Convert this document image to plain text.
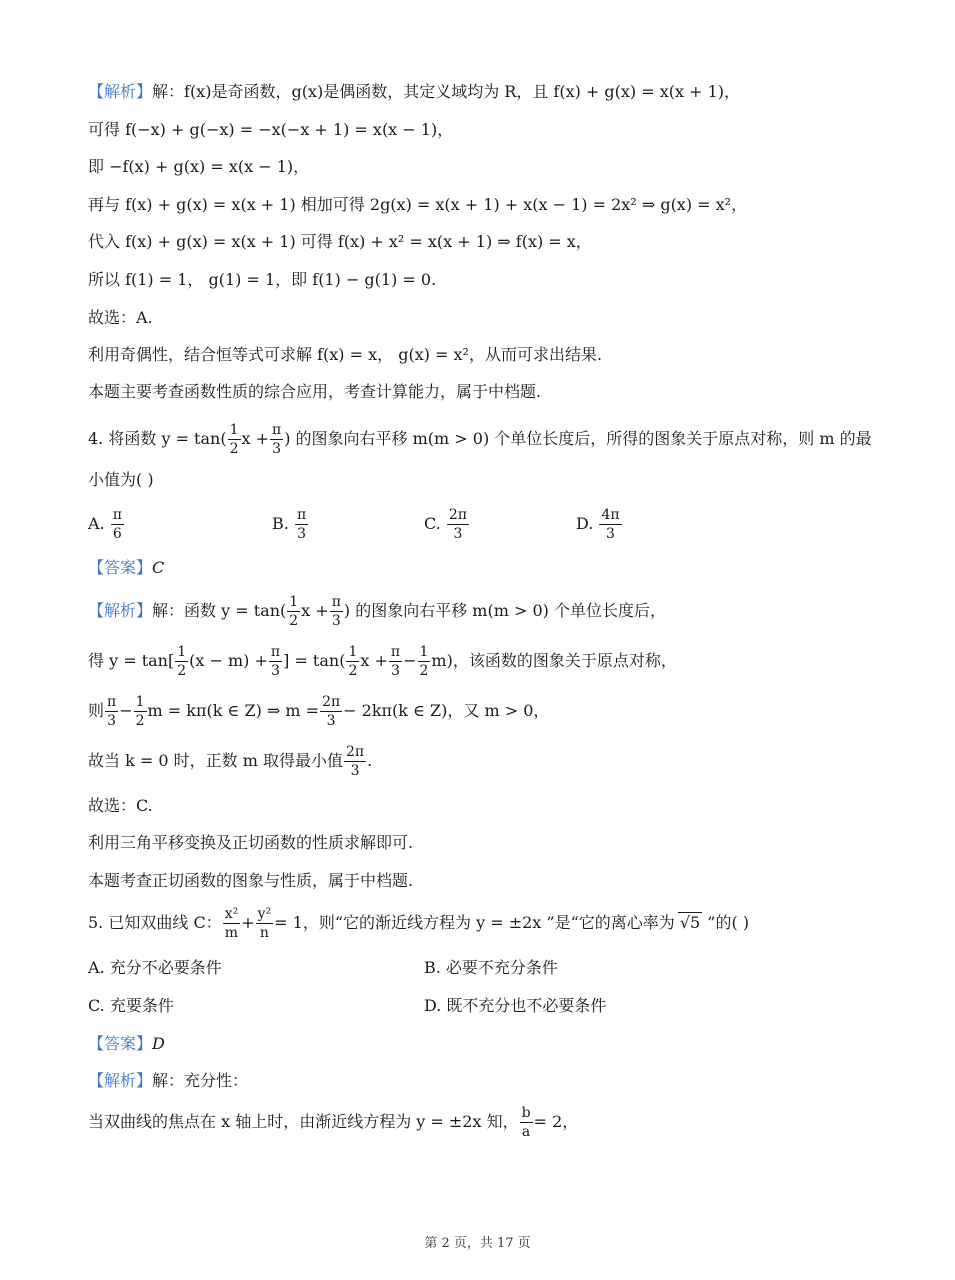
【解析】解：f(x)是奇函数，g(x)是偶函数，其定义域均为 R，且 f(x) + g(x) = x(x + 1)，
可得 f(−x) + g(−x) = −x(−x + 1) = x(x − 1)，
即 −f(x) + g(x) = x(x − 1)，
再与 f(x) + g(x) = x(x + 1) 相加可得 2g(x) = x(x + 1) + x(x − 1) = 2x² ⇒ g(x) = x²，
代入 f(x) + g(x) = x(x + 1) 可得 f(x) + x² = x(x + 1) ⇒ f(x) = x，
所以 f(1) = 1， g(1) = 1，即 f(1) − g(1) = 0.
故选：A.
利用奇偶性，结合恒等式可求解 f(x) = x， g(x) = x²，从而可求出结果.
本题主要考查函数性质的综合应用，考查计算能力，属于中档题.
4. 将函数 $y = \tan( \frac{1}{2}$ $x + \frac{\pi}{3}$ ) 的图象向右平移 m(m > 0) 个单位长度后，所得的图象关于原点对称，则 m 的最
小值为( )
A. $\frac{\pi}{6}$	B. $\frac{\pi}{3}$	C. $\frac{2\pi}{3}$	D. $\frac{4\pi}{3}$
【答案】C
【解析】解：函数 $y = \tan( \frac{1}{2}$ $x + \frac{\pi}{3}$ ) 的图象向右平移 m(m > 0) 个单位长度后，
得 $y = \tan[ \frac{1}{2} (x - m) + \frac{\pi}{3}$ ] = $\tan( \frac{1}{2}$ $x + \frac{\pi}{3} - \frac{1}{2} m$)，该函数的图象关于原点对称，
则 $\frac{\pi}{3} - \frac{1}{2}$ m = kπ(k ∈ Z) ⇒ $m = \frac{2\pi}{3} - 2k\pi(k$ ∈ Z)，又 m > 0，
故当 k = 0 时，正数 m 取得最小值 $\frac{2\pi}{3}$ .
故选：C.
利用三角平移变换及正切函数的性质求解即可.
本题考查正切函数的图象与性质，属于中档题.
5. 已知双曲线 C： $\frac{\text{x²}}{m} + \frac{\text{y²}}{n} = 1$，则“它的渐近线方程为 y = ±2x ”是“它的离心率为 √5 ”的( )
A. 充分不必要条件	B. 必要不充分条件
C. 充要条件	D. 既不充分也不必要条件
【答案】D
【解析】解：充分性：
当双曲线的焦点在 x 轴上时，由渐近线方程为 y = ±2x 知， $\frac{b}{a} = 2$，
第 2 页，共 17 页
